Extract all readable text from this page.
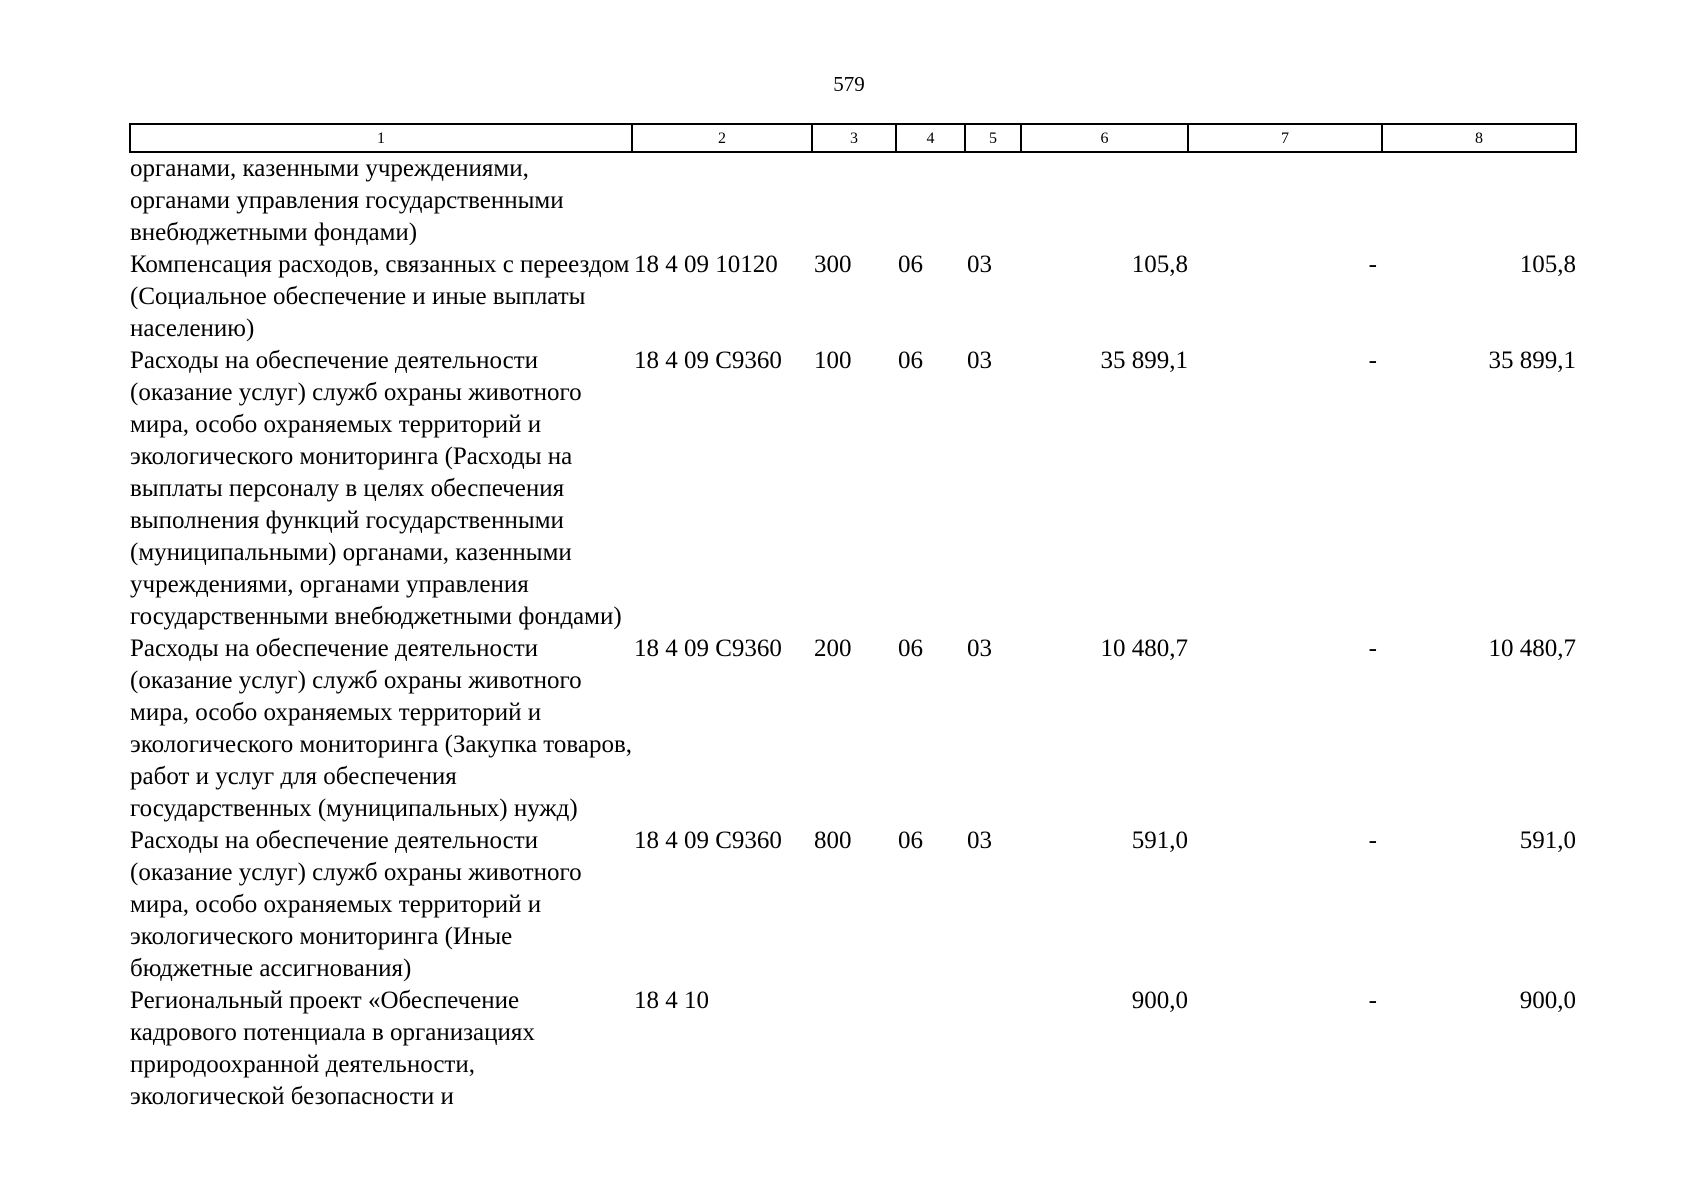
579
1	2	3	4	5	6	7	8
органами, казенными учреждениями, органами управления государственными внебюджетными фондами)							
Компенсация расходов, связанных с переездом (Социальное обеспечение и иные выплаты населению)	18 4 09 10120	300	06	03	105,8	-	105,8
Расходы на обеспечение деятельности (оказание услуг) служб охраны животного мира, особо охраняемых территорий и экологического мониторинга (Расходы на выплаты персоналу в целях обеспечения выполнения функций государственными (муниципальными) органами, казенными учреждениями, органами управления государственными внебюджетными фондами)	18 4 09 C9360	100	06	03	35 899,1	-	35 899,1
Расходы на обеспечение деятельности (оказание услуг) служб охраны животного мира, особо охраняемых территорий и экологического мониторинга (Закупка товаров, работ и услуг для обеспечения государственных (муниципальных) нужд)	18 4 09 C9360	200	06	03	10 480,7	-	10 480,7
Расходы на обеспечение деятельности (оказание услуг) служб охраны животного мира, особо охраняемых территорий и экологического мониторинга (Иные бюджетные ассигнования)	18 4 09 C9360	800	06	03	591,0	-	591,0
Региональный проект «Обеспечение кадрового потенциала в организациях природоохранной деятельности, экологической безопасности и	18 4 10				900,0	-	900,0
